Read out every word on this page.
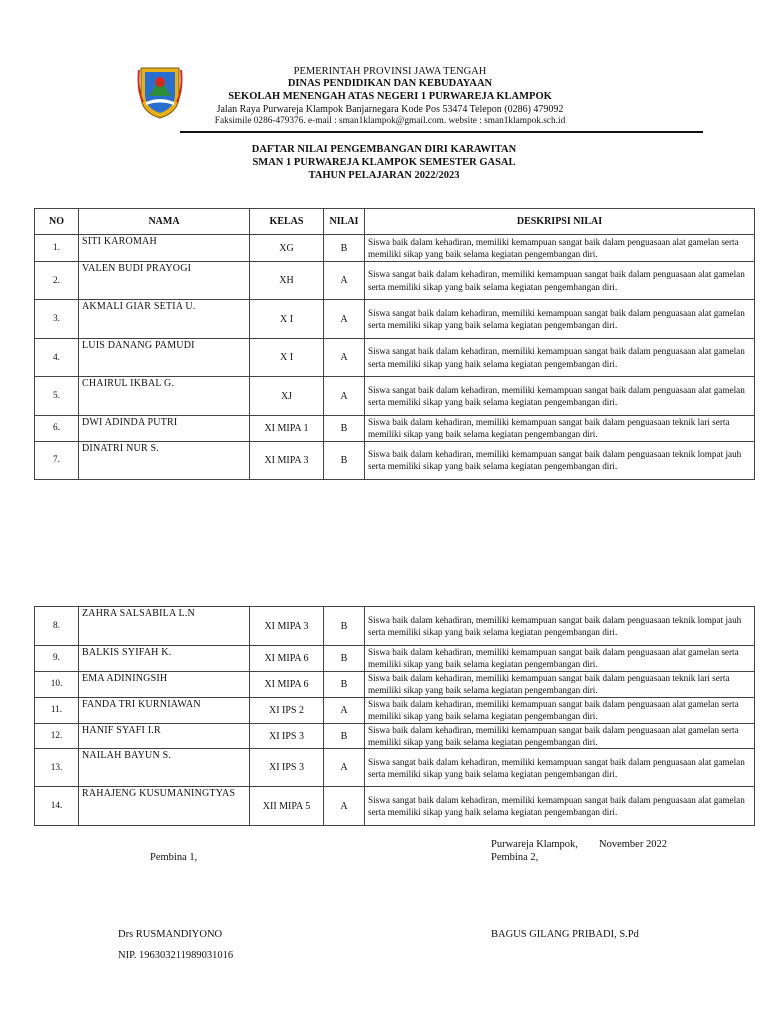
PEMERINTAH PROVINSI JAWA TENGAH
DINAS PENDIDIKAN DAN KEBUDAYAAN
SEKOLAH MENENGAH ATAS NEGERI 1 PURWAREJA KLAMPOK
Jalan Raya Purwareja Klampok Banjarnegara Kode Pos 53474 Telepon (0286) 479092
Faksimile 0286-479376. e-mail : sman1klampok@gmail.com. website : sman1klampok.sch.id
DAFTAR NILAI PENGEMBANGAN DIRI KARAWITAN
SMAN 1 PURWAREJA KLAMPOK SEMESTER GASAL
TAHUN PELAJARAN 2022/2023
NO	NAMA	KELAS	NILAI	DESKRIPSI NILAI
1.	SITI KAROMAH	XG	B	Siswa baik dalam kehadiran, memiliki kemampuan sangat baik dalam penguasaan alat gamelan serta memiliki sikap yang baik selama kegiatan pengembangan diri.
2.	VALEN BUDI PRAYOGI	XH	A	Siswa sangat baik dalam kehadiran, memiliki kemampuan sangat baik dalam penguasaan alat gamelan serta memiliki sikap yang baik selama kegiatan pengembangan diri.
3.	AKMALI GIAR SETIA U.	X I	A	Siswa sangat baik dalam kehadiran, memiliki kemampuan sangat baik dalam penguasaan alat gamelan serta memiliki sikap yang baik selama kegiatan pengembangan diri.
4.	LUIS DANANG PAMUDI	X I	A	Siswa sangat baik dalam kehadiran, memiliki kemampuan sangat baik dalam penguasaan alat gamelan serta memiliki sikap yang baik selama kegiatan pengembangan diri.
5.	CHAIRUL IKBAL G.	XJ	A	Siswa sangat baik dalam kehadiran, memiliki kemampuan sangat baik dalam penguasaan alat gamelan serta memiliki sikap yang baik selama kegiatan pengembangan diri.
6.	DWI ADINDA PUTRI	XI MIPA 1	B	Siswa baik dalam kehadiran, memiliki kemampuan sangat baik dalam penguasaan teknik lari serta memiliki sikap yang baik selama kegiatan pengembangan diri.
7.	DINATRI NUR S.	XI MIPA 3	B	Siswa baik dalam kehadiran, memiliki kemampuan sangat baik dalam penguasaan teknik lompat jauh serta memiliki sikap yang baik selama kegiatan pengembangan diri.
8.	ZAHRA SALSABILA L.N	XI MIPA 3	B	Siswa baik dalam kehadiran, memiliki kemampuan sangat baik dalam penguasaan teknik lompat jauh serta memiliki sikap yang baik selama kegiatan pengembangan diri.
9.	BALKIS SYIFAH K.	XI MIPA 6	B	Siswa baik dalam kehadiran, memiliki kemampuan sangat baik dalam penguasaan alat gamelan serta memiliki sikap yang baik selama kegiatan pengembangan diri.
10.	EMA ADININGSIH	XI MIPA 6	B	Siswa baik dalam kehadiran, memiliki kemampuan sangat baik dalam penguasaan teknik lari serta memiliki sikap yang baik selama kegiatan pengembangan diri.
11.	FANDA TRI KURNIAWAN	XI IPS 2	A	Siswa baik dalam kehadiran, memiliki kemampuan sangat baik dalam penguasaan alat gamelan serta memiliki sikap yang baik selama kegiatan pengembangan diri.
12.	HANIF SYAFI I.R	XI IPS 3	B	Siswa baik dalam kehadiran, memiliki kemampuan sangat baik dalam penguasaan alat gamelan serta memiliki sikap yang baik selama kegiatan pengembangan diri.
13.	NAILAH BAYUN S.	XI IPS 3	A	Siswa sangat baik dalam kehadiran, memiliki kemampuan sangat baik dalam penguasaan alat gamelan serta memiliki sikap yang baik selama kegiatan pengembangan diri.
14.	RAHAJENG KUSUMANINGTYAS	XII MIPA 5	A	Siswa sangat baik dalam kehadiran, memiliki kemampuan sangat baik dalam penguasaan alat gamelan serta memiliki sikap yang baik selama kegiatan pengembangan diri.
Purwareja Klampok, November 2022
Pembina 1,	Pembina 2,
Drs RUSMANDIYONO	BAGUS GILANG PRIBADI, S.Pd
NIP. 196303211989031016
